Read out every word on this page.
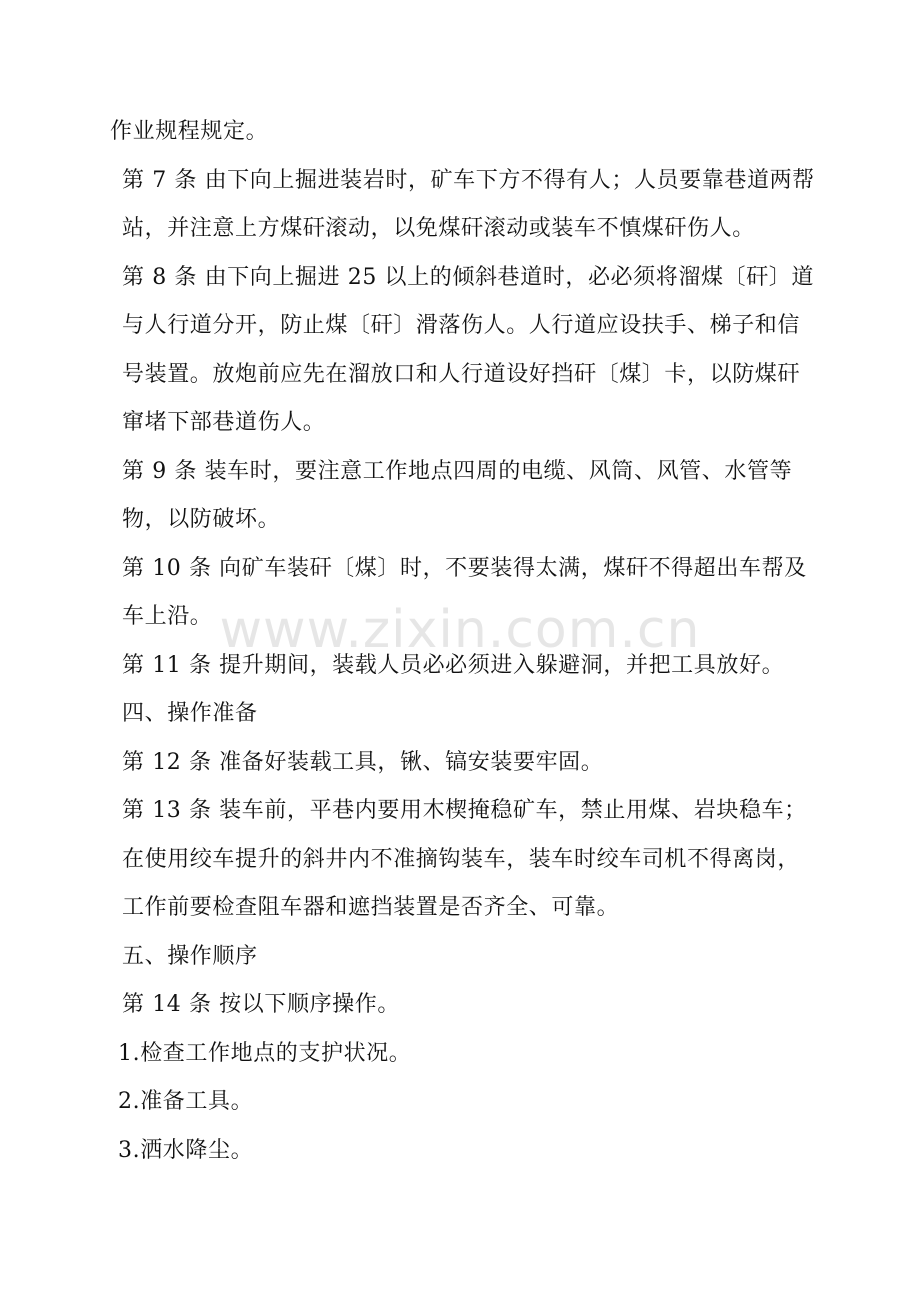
www.zixin.com.cn

作业规程规定。

第 7 条 由下向上掘进装岩时，矿车下方不得有人；人员要靠巷道两帮站，并注意上方煤矸滚动，以免煤矸滚动或装车不慎煤矸伤人。

第 8 条 由下向上掘进 25 以上的倾斜巷道时，必必须将溜煤〔矸〕道与人行道分开，防止煤〔矸〕滑落伤人。人行道应设扶手、梯子和信号装置。放炮前应先在溜放口和人行道设好挡矸〔煤〕卡，以防煤矸窜堵下部巷道伤人。

第 9 条 装车时，要注意工作地点四周的电缆、风筒、风管、水管等物，以防破坏。

第 10 条 向矿车装矸〔煤〕时，不要装得太满，煤矸不得超出车帮及车上沿。

第 11 条 提升期间，装载人员必必须进入躲避洞，并把工具放好。

四、操作准备

第 12 条 准备好装载工具，锹、镐安装要牢固。

第 13 条 装车前，平巷内要用木楔掩稳矿车，禁止用煤、岩块稳车；在使用绞车提升的斜井内不准摘钩装车，装车时绞车司机不得离岗，工作前要检查阻车器和遮挡装置是否齐全、可靠。

五、操作顺序

第 14 条 按以下顺序操作。

1.检查工作地点的支护状况。

2.准备工具。

3.洒水降尘。
